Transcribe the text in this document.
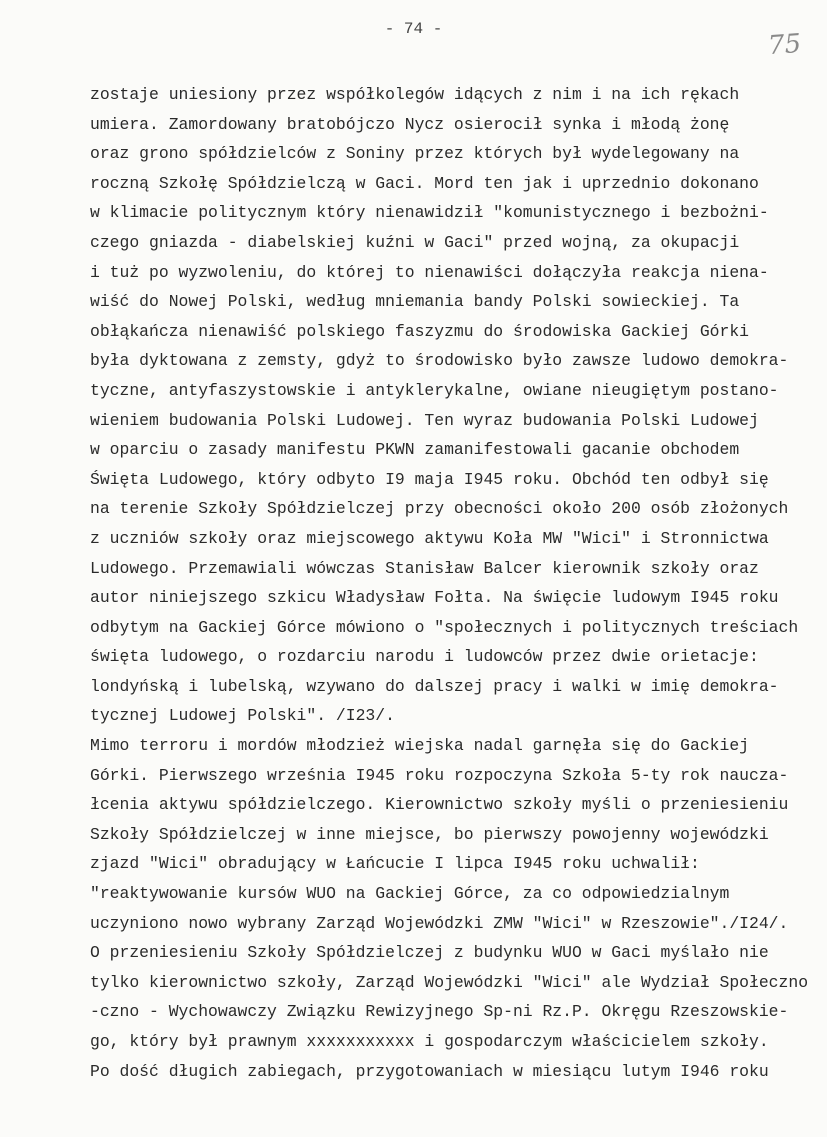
- 74 -	75
zostaje uniesiony przez współkolegów idących z nim i na ich rękach
umiera. Zamordowany bratobójczo Nycz osierocił synka i młodą żonę
oraz grono spółdzielców z Soniny przez których był wydelegowany na
roczną Szkołę Spółdzielczą w Gaci. Mord ten jak i uprzednio dokonano
w klimacie politycznym który nienawidził "komunistycznego i bezbożni-
czego gniazda - diabelskiej kuźni w Gaci" przed wojną, za okupacji
i tuż po wyzwoleniu, do której to nienawiści dołączyła reakcja niena-
wiść do Nowej Polski, według mniemania bandy Polski sowieckiej. Ta
obłąkańcza nienawiść polskiego faszyzmu do środowiska Gackiej Górki
była dyktowana z zemsty, gdyż to środowisko było zawsze ludowo demokra-
tyczne, antyfaszystowskie i antyklerykalne, owiane nieugiętym postano-
wieniem budowania Polski Ludowej. Ten wyraz budowania Polski Ludowej
w oparciu o zasady manifestu PKWN zamanifestowali gacanie obchodem
Święta Ludowego, który odbyto I9 maja I945 roku. Obchód ten odbył się
na terenie Szkoły Spółdzielczej przy obecności około 200 osób złożonych
z uczniów szkoły oraz miejscowego aktywu Koła MW "Wici" i Stronnictwa
Ludowego. Przemawiali wówczas Stanisław Balcer kierownik szkoły oraz
autor niniejszego szkicu Władysław Fołta. Na święcie ludowym I945 roku
odbytym na Gackiej Górce mówiono o "społecznych i politycznych treściach
święta ludowego, o rozdarciu narodu i ludowców przez dwie orietacje:
londyńską i lubelską, wzywano do dalszej pracy i walki w imię demokra-
tycznej Ludowej Polski". /I23/.
Mimo terroru i mordów młodzież wiejska nadal garnęła się do Gackiej
Górki. Pierwszego września I945 roku rozpoczyna Szkoła 5-ty rok naucza-
łcenia aktywu spółdzielczego. Kierownictwo szkoły myśli o przeniesieniu
Szkoły Spółdzielczej w inne miejsce, bo pierwszy powojenny wojewódzki
zjazd "Wici" obradujący w Łańcucie I lipca I945 roku uchwalił:
"reaktywowanie kursów WUO na Gackiej Górce, za co odpowiedzialnym
uczyniono nowo wybrany Zarząd Wojewódzki ZMW "Wici" w Rzeszowie"./I24/.
O przeniesieniu Szkoły Spółdzielczej z budynku WUO w Gaci myślało nie
tylko kierownictwo szkoły, Zarząd Wojewódzki "Wici" ale Wydział Społeczno
-czno - Wychowawczy Związku Rewizyjnego Sp-ni Rz.P. Okręgu Rzeszowskie-
go, który był prawnym xxxxxxxxxxx i gospodarczym właścicielem szkoły.
Po dość długich zabiegach, przygotowaniach w miesiącu lutym I946 roku
